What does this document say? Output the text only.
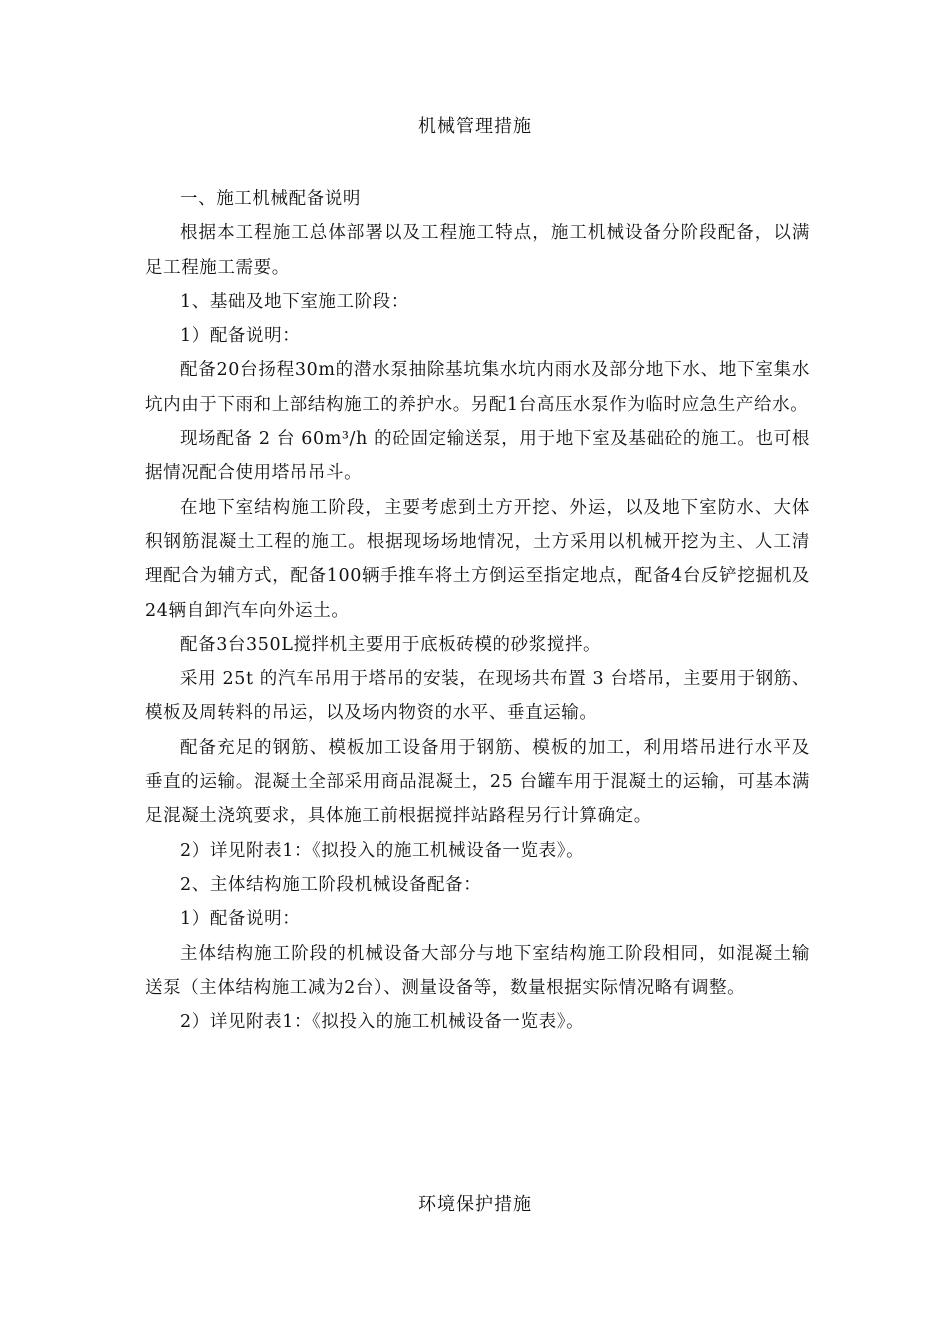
机械管理措施

一、施工机械配备说明

根据本工程施工总体部署以及工程施工特点，施工机械设备分阶段配备，以满足工程施工需要。

1、基础及地下室施工阶段：

1）配备说明：

配备20台扬程30m的潜水泵抽除基坑集水坑内雨水及部分地下水、地下室集水坑内由于下雨和上部结构施工的养护水。另配1台高压水泵作为临时应急生产给水。

现场配备 2 台 60m³/h 的砼固定输送泵，用于地下室及基础砼的施工。也可根据情况配合使用塔吊吊斗。

在地下室结构施工阶段，主要考虑到土方开挖、外运，以及地下室防水、大体积钢筋混凝土工程的施工。根据现场场地情况，土方采用以机械开挖为主、人工清理配合为辅方式，配备100辆手推车将土方倒运至指定地点，配备4台反铲挖掘机及24辆自卸汽车向外运土。

配备3台350L搅拌机主要用于底板砖模的砂浆搅拌。

采用 25t 的汽车吊用于塔吊的安装，在现场共布置 3 台塔吊，主要用于钢筋、模板及周转料的吊运，以及场内物资的水平、垂直运输。

配备充足的钢筋、模板加工设备用于钢筋、模板的加工，利用塔吊进行水平及垂直的运输。混凝土全部采用商品混凝土，25 台罐车用于混凝土的运输，可基本满足混凝土浇筑要求，具体施工前根据搅拌站路程另行计算确定。

2）详见附表1：《拟投入的施工机械设备一览表》。

2、主体结构施工阶段机械设备配备：

1）配备说明：

主体结构施工阶段的机械设备大部分与地下室结构施工阶段相同，如混凝土输送泵（主体结构施工减为2台）、测量设备等，数量根据实际情况略有调整。

2）详见附表1：《拟投入的施工机械设备一览表》。

环境保护措施
